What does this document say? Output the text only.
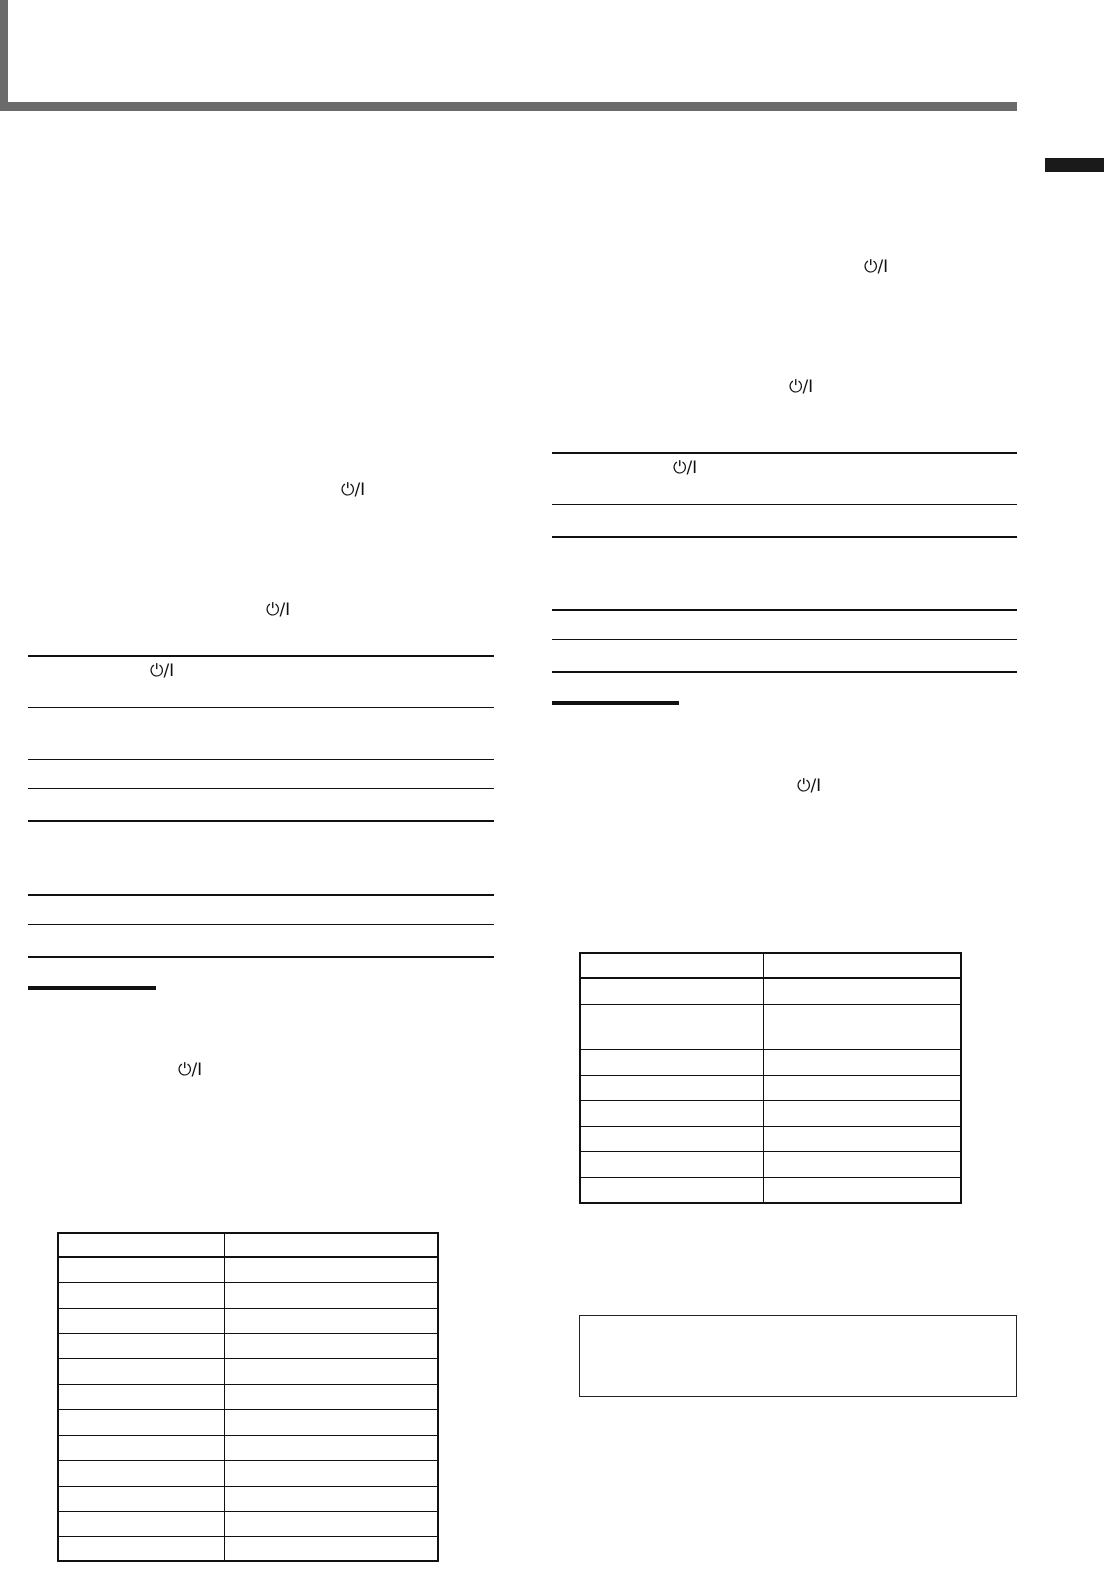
⏻/I
⏻/I
⏻/I
⏻/I

⏻/I
⏻/I
⏻/I
⏻/I
